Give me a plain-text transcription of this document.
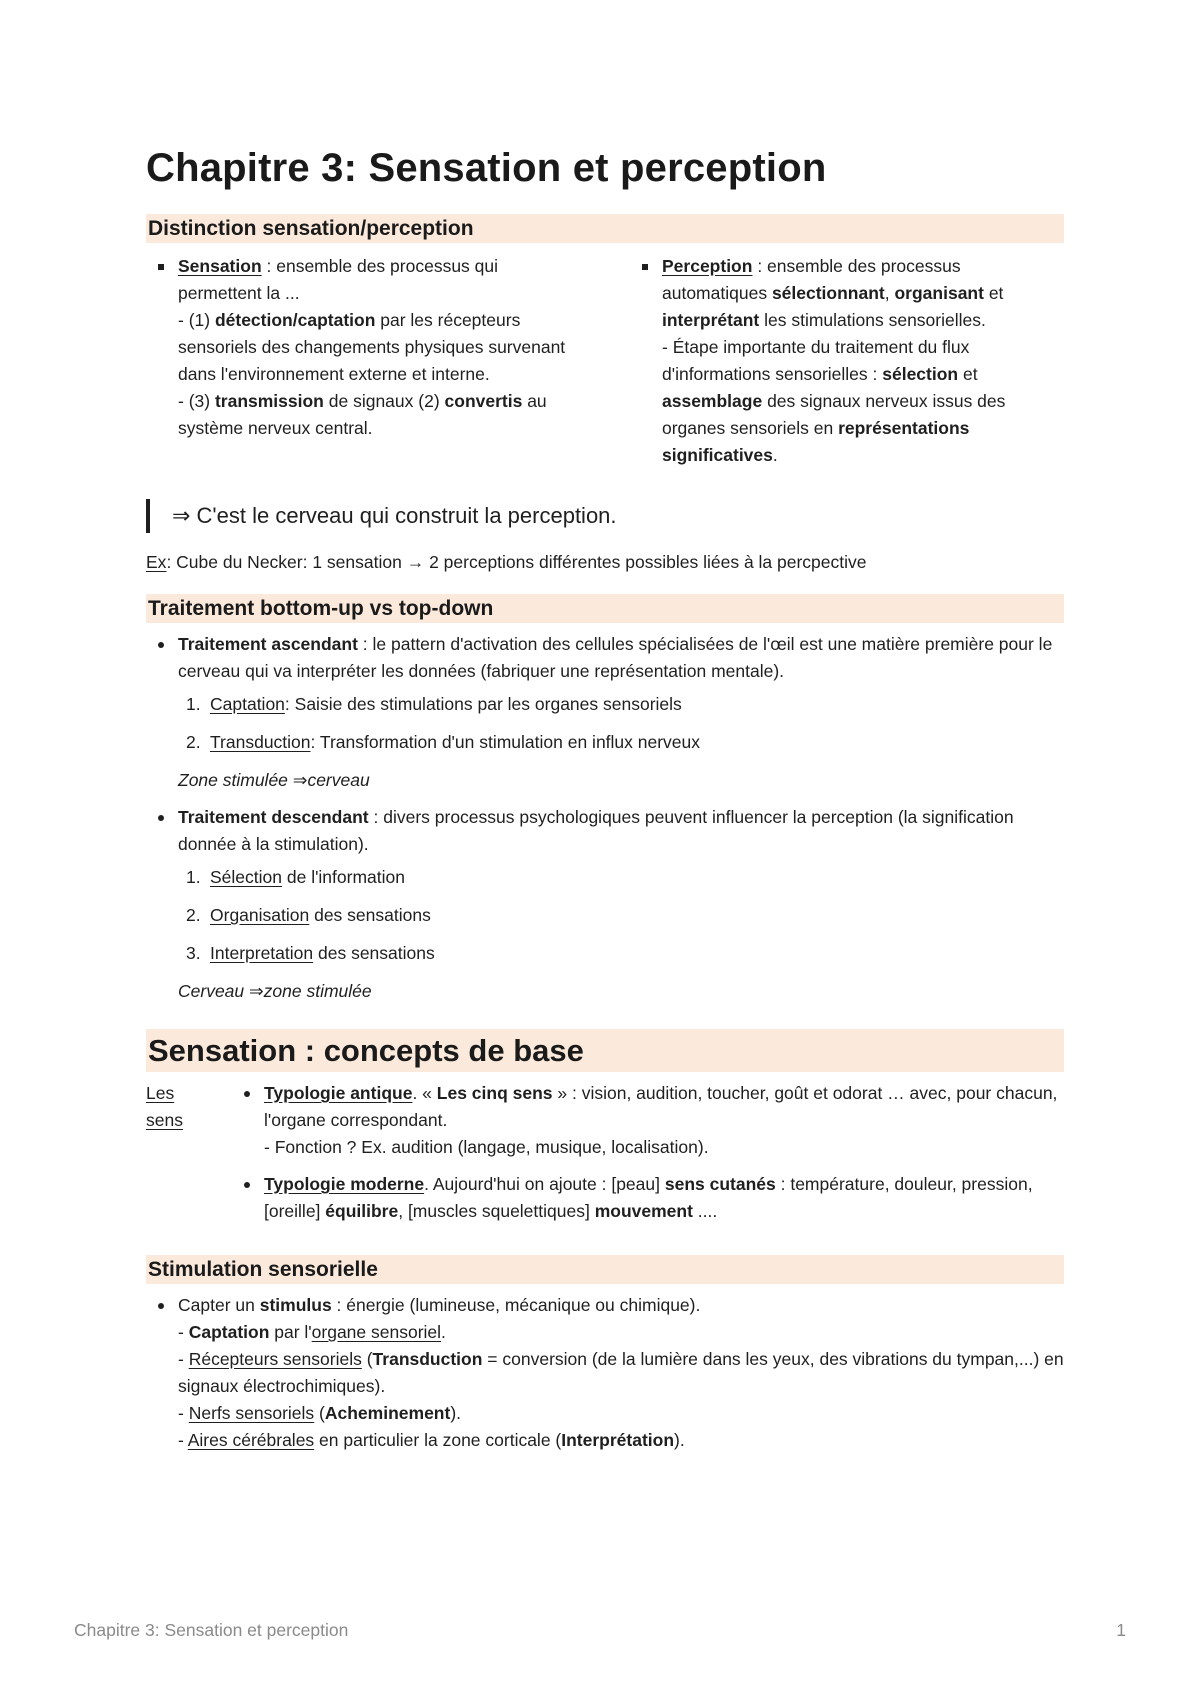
Chapitre 3: Sensation et perception
Distinction sensation/perception
Sensation : ensemble des processus qui permettent la ...
- (1) détection/captation par les récepteurs sensoriels des changements physiques survenant dans l'environnement externe et interne.
- (3) transmission de signaux (2) convertis au système nerveux central.
Perception : ensemble des processus automatiques sélectionnant, organisant et interprétant les stimulations sensorielles.
- Étape importante du traitement du flux d'informations sensorielles : sélection et assemblage des signaux nerveux issus des organes sensoriels en représentations significatives.
⇒ C'est le cerveau qui construit la perception.
Ex: Cube du Necker: 1 sensation → 2 perceptions différentes possibles liées à la percpective
Traitement bottom-up vs top-down
Traitement ascendant : le pattern d'activation des cellules spécialisées de l'œil est une matière première pour le cerveau qui va interpréter les données (fabriquer une représentation mentale).
1. Captation: Saisie des stimulations par les organes sensoriels
2. Transduction: Transformation d'un stimulation en influx nerveux
Zone stimulée ⇒cerveau
Traitement descendant : divers processus psychologiques peuvent influencer la perception (la signification donnée à la stimulation).
1. Sélection de l'information
2. Organisation des sensations
3. Interpretation des sensations
Cerveau ⇒zone stimulée
Sensation : concepts de base
Les
sens
Typologie antique. « Les cinq sens » : vision, audition, toucher, goût et odorat … avec, pour chacun, l'organe correspondant.
- Fonction ? Ex. audition (langage, musique, localisation).
Typologie moderne. Aujourd'hui on ajoute : [peau] sens cutanés : température, douleur, pression, [oreille] équilibre, [muscles squelettiques] mouvement ....
Stimulation sensorielle
Capter un stimulus : énergie (lumineuse, mécanique ou chimique).
- Captation par l'organe sensoriel.
- Récepteurs sensoriels (Transduction = conversion (de la lumière dans les yeux, des vibrations du tympan,...) en signaux électrochimiques).
- Nerfs sensoriels (Acheminement).
- Aires cérébrales en particulier la zone corticale (Interprétation).
Chapitre 3: Sensation et perception	1
